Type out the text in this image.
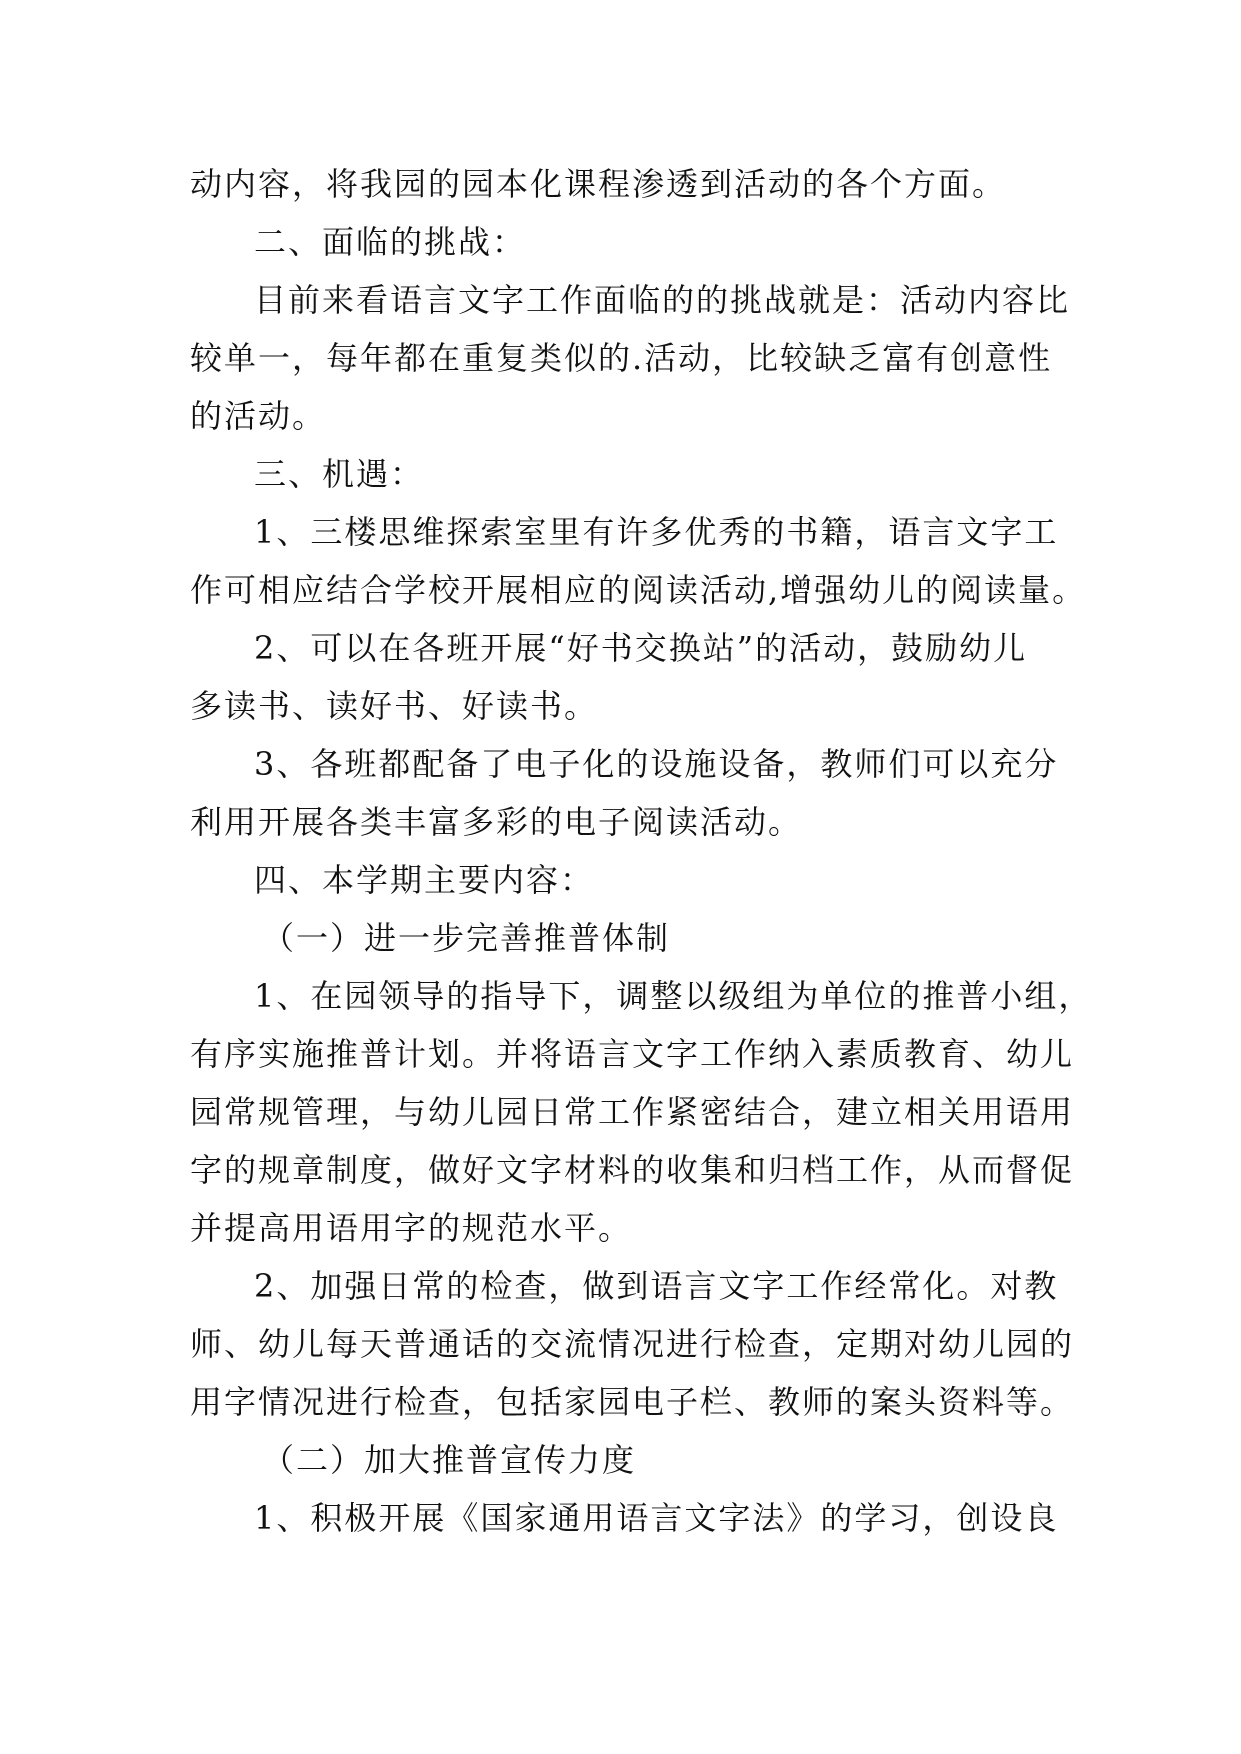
动内容，将我园的园本化课程渗透到活动的各个方面。
二、面临的挑战：
目前来看语言文字工作面临的的挑战就是：活动内容比
较单一，每年都在重复类似的.活动，比较缺乏富有创意性
的活动。
三、机遇：
1、三楼思维探索室里有许多优秀的书籍，语言文字工
作可相应结合学校开展相应的阅读活动,增强幼儿的阅读量。
2、可以在各班开展“好书交换站”的活动，鼓励幼儿
多读书、读好书、好读书。
3、各班都配备了电子化的设施设备，教师们可以充分
利用开展各类丰富多彩的电子阅读活动。
四、本学期主要内容：
（一）进一步完善推普体制
1、在园领导的指导下，调整以级组为单位的推普小组，
有序实施推普计划。并将语言文字工作纳入素质教育、幼儿
园常规管理，与幼儿园日常工作紧密结合，建立相关用语用
字的规章制度，做好文字材料的收集和归档工作，从而督促
并提高用语用字的规范水平。
2、加强日常的检查，做到语言文字工作经常化。对教
师、幼儿每天普通话的交流情况进行检查，定期对幼儿园的
用字情况进行检查，包括家园电子栏、教师的案头资料等。
（二）加大推普宣传力度
1、积极开展《国家通用语言文字法》的学习，创设良
